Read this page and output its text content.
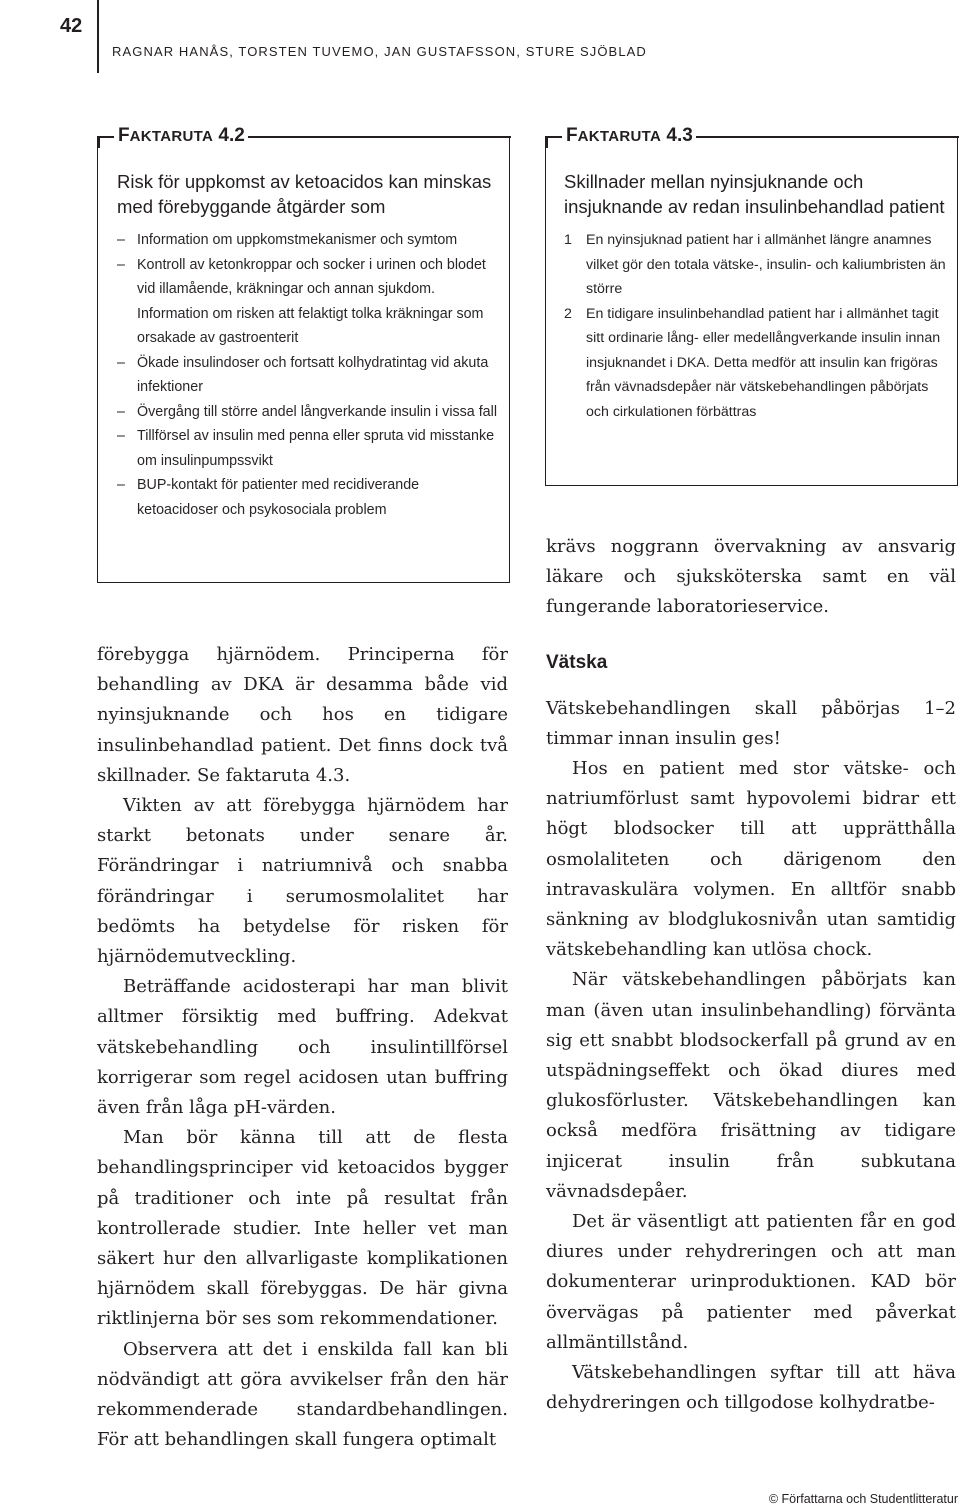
42
RAGNAR HANÅS, TORSTEN TUVEMO, JAN GUSTAFSSON, STURE SJÖBLAD
FAKTARUTA 4.2

Risk för uppkomst av ketoacidos kan minskas med förebyggande åtgärder som

– Information om uppkomstmekanismer och symtom
– Kontroll av ketonkroppar och socker i urinen och blodet vid illamående, kräkningar och annan sjukdom. Information om risken att felaktigt tolka kräkningar som orsakade av gastroenterit
– Ökade insulindoser och fortsatt kolhydratintag vid akuta infektioner
– Övergång till större andel långverkande insulin i vissa fall
– Tillförsel av insulin med penna eller spruta vid misstanke om insulinpumpssvikt
– BUP-kontakt för patienter med recidiverande ketoacidoser och psykosociala problem
FAKTARUTA 4.3

Skillnader mellan nyinsjuknande och insjuknande av redan insulinbehandlad patient

1 En nyinsjuknad patient har i allmänhet längre anamnes vilket gör den totala vätske-, insulin- och kaliumbristen än större
2 En tidigare insulinbehandlad patient har i allmänhet tagit sitt ordinarie lång- eller medellångverkande insulin innan insjuknandet i DKA. Detta medför att insulin kan frigöras från vävnadsdepåer när vätskebehandlingen påbörjats och cirkulationen förbättras

förebygga hjärnödem. Principerna för behandling av DKA är desamma både vid nyinsjuknande och hos en tidigare insulinbehandlad patient. Det finns dock två skillnader. Se faktaruta 4.3.

Vikten av att förebygga hjärnödem har starkt betonats under senare år. Förändringar i natriumnivå och snabba förändringar i serumosmolalitet har bedömts ha betydelse för risken för hjärnödemutveckling.

Beträffande acidosterapi har man blivit alltmer försiktig med buffring. Adekvat vätskebehandling och insulintillförsel korrigerar som regel acidosen utan buffring även från låga pH-värden.

Man bör känna till att de flesta behandlingsprinciper vid ketoacidos bygger på traditioner och inte på resultat från kontrollerade studier. Inte heller vet man säkert hur den allvarligaste komplikationen hjärnödem skall förebyggas. De här givna riktlinjerna bör ses som rekommendationer.

Observera att det i enskilda fall kan bli nödvändigt att göra avvikelser från den här rekommenderade standardbehandlingen. För att behandlingen skall fungera optimalt

krävs noggrann övervakning av ansvarig läkare och sjuksköterska samt en väl fungerande laboratorieservice.

Vätska

Vätskebehandlingen skall påbörjas 1–2 timmar innan insulin ges!

Hos en patient med stor vätske- och natriumförlust samt hypovolemi bidrar ett högt blodsocker till att upprätthålla osmolaliteten och därigenom den intravaskulära volymen. En alltför snabb sänkning av blodglukosnivån utan samtidig vätskebehandling kan utlösa chock.

När vätskebehandlingen påbörjats kan man (även utan insulinbehandling) förvänta sig ett snabbt blodsockerfall på grund av en utspädningseffekt och ökad diures med glukosförluster. Vätskebehandlingen kan också medföra frisättning av tidigare injicerat insulin från subkutana vävnadsdepåer.

Det är väsentligt att patienten får en god diures under rehydreringen och att man dokumenterar urinproduktionen. KAD bör övervägas på patienter med påverkat allmäntillstånd.

Vätskebehandlingen syftar till att häva dehydreringen och tillgodose kolhydratbe-

© Författarna och Studentlitteratur
